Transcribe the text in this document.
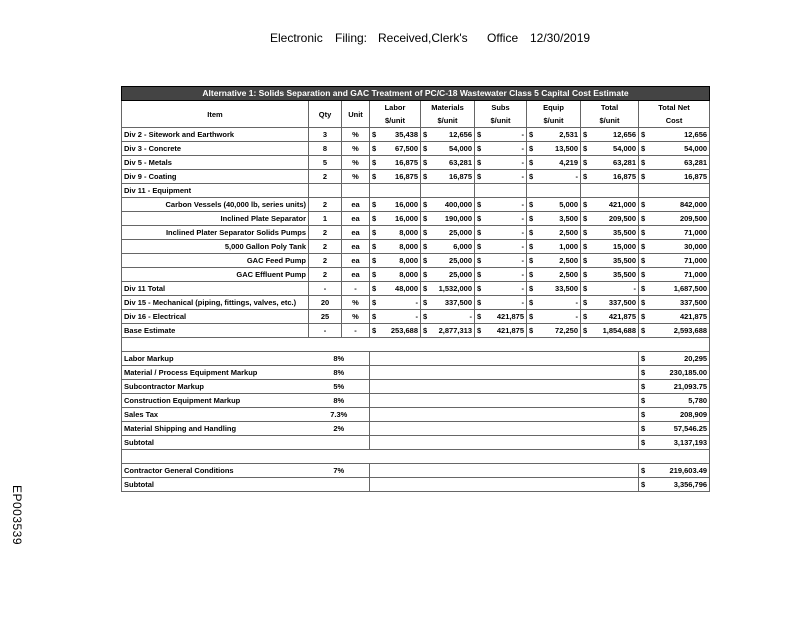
Electronic Filing: Received,Clerk's Office 12/30/2019
EP003539
Alternative 1: Solids Separation and GAC Treatment of PC/C-18 Wastewater Class 5 Capital Cost Estimate								
Item	Qty	Unit	Labor	Materials	Subs	Equip	Total	Total Net
			$/unit	$/unit	$/unit	$/unit	$/unit	Cost
Div 2 - Sitework and Earthwork	3	%	$ 35,438	$ 12,656	$ -	$ 2,531	$ 12,656	$ 12,656

Div 3 - Concrete	8	%	$ 67,500	$ 54,000	$ -	$ 13,500	$ 54,000	$ 54,000

Div 5 - Metals	5	%	$ 16,875	$ 63,281	$ -	$ 4,219	$ 63,281	$ 63,281

Div 9 - Coating	2	%	$ 16,875	$ 16,875	$ -	$ -	$ 16,875	$ 16,875

Div 11 - Equipment								
Carbon Vessels (40,000 lb, series units)	2	ea	$ 16,000	$ 400,000	$ -	$ 5,000	$ 421,000	$ 842,000

Inclined Plate Separator	1	ea	$ 16,000	$ 190,000	$ -	$ 3,500	$ 209,500	$ 209,500

Inclined Plater Separator Solids Pumps	2	ea	$ 8,000	$ 25,000	$ -	$ 2,500	$ 35,500	$ 71,000

5,000 Gallon Poly Tank	2	ea	$ 8,000	$ 6,000	$ -	$ 1,000	$ 15,000	$ 30,000

GAC Feed Pump	2	ea	$ 8,000	$ 25,000	$ -	$ 2,500	$ 35,500	$ 71,000

GAC Effluent Pump	2	ea	$ 8,000	$ 25,000	$ -	$ 2,500	$ 35,500	$ 71,000

Div 11 Total	-	-	$ 48,000	$ 1,532,000	$ -	$ 33,500	$ -	$ 1,687,500

Div 15 - Mechanical (piping, fittings, valves, etc.)	20	%	$ -	$ 337,500	$ -	$ -	$ 337,500	$ 337,500

Div 16 - Electrical	25	%	$ -	$ -	$ 421,875	$ -	$ 421,875	$ 421,875

Base Estimate	-	-	$ 253,688	$ 2,877,313	$ 421,875	$ 72,250	$ 1,854,688	$ 2,593,688

Labor Markup	8%							$ 20,295

Material / Process Equipment Markup	8%							$ 230,185.00

Subcontractor Markup	5%							$ 21,093.75

Construction Equipment Markup	8%							$ 5,780

Sales Tax	7.3%							$ 208,909

Material Shipping and Handling	2%							$ 57,546.25

Subtotal								$ 3,137,193

Contractor General Conditions	7%							$ 219,603.49

Subtotal								$ 3,356,796
